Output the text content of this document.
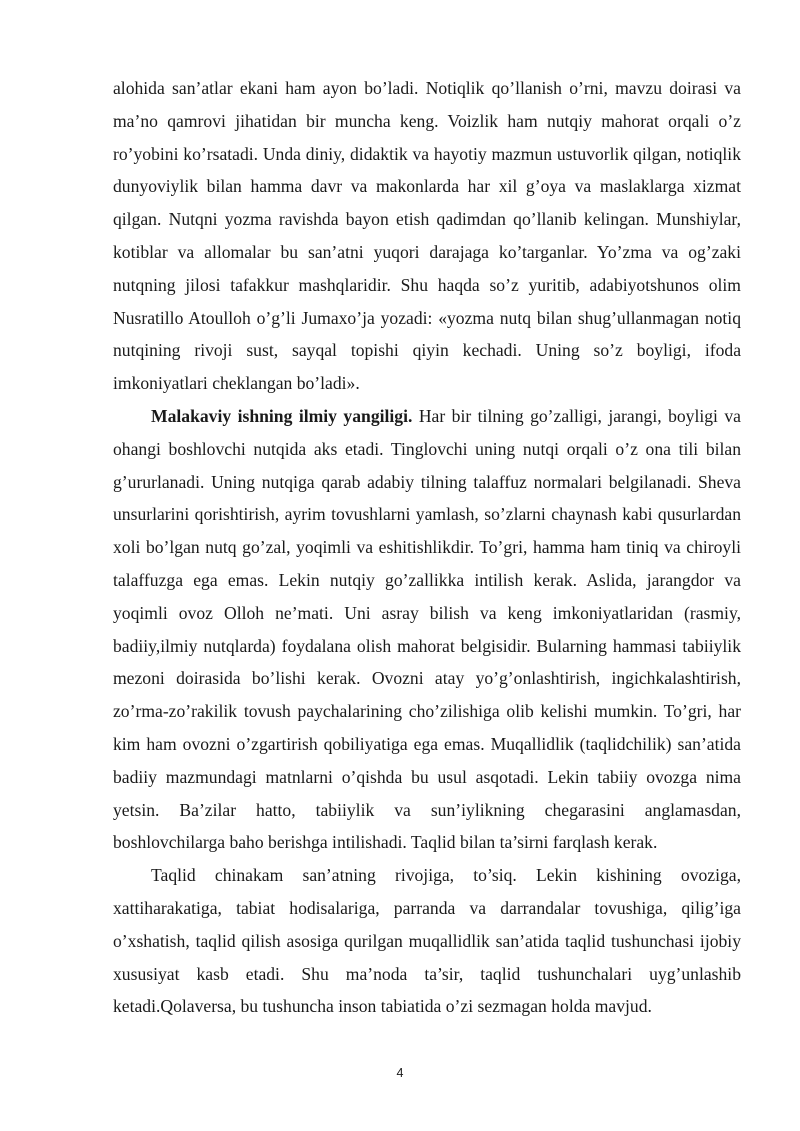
alohida san’atlar ekani ham ayon bo’ladi. Notiqlik qo’llanish o’rni, mavzu doirasi va ma’no qamrovi jihatidan bir muncha keng. Voizlik ham nutqiy mahorat orqali o’z ro’yobini ko’rsatadi. Unda diniy, didaktik va hayotiy mazmun ustuvorlik qilgan, notiqlik dunyoviylik bilan hamma davr va makonlarda har xil g’oya va maslaklarga xizmat qilgan. Nutqni yozma ravishda bayon etish qadimdan qo’llanib kelingan. Munshiylar, kotiblar va allomalar bu san’atni yuqori darajaga ko’targanlar. Yo’zma va og’zaki nutqning jilosi tafakkur mashqlaridir. Shu haqda so’z yuritib, adabiyotshunos olim Nusratillo Atoulloh o’g’li Jumaxo’ja yozadi: «yozma nutq bilan shug’ullanmagan notiq nutqining rivoji sust, sayqal topishi qiyin kechadi. Uning so’z boyligi, ifoda imkoniyatlari cheklangan bo’ladi».

Malakaviy ishning ilmiy yangiligi. Har bir tilning go’zalligi, jarangi, boyligi va ohangi boshlovchi nutqida aks etadi. Tinglovchi uning nutqi orqali o’z ona tili bilan g’ururlanadi. Uning nutqiga qarab adabiy tilning talaffuz normalari belgilanadi. Sheva unsurlarini qorishtirish, ayrim tovushlarni yamlash, so’zlarni chaynash kabi qusurlardan xoli bo’lgan nutq go’zal, yoqimli va eshitishlikdir. To’gri, hamma ham tiniq va chiroyli talaffuzga ega emas. Lekin nutqiy go’zallikka intilish kerak. Aslida, jarangdor va yoqimli ovoz Olloh ne’mati. Uni asray bilish va keng imkoniyatlaridan (rasmiy, badiiy,ilmiy nutqlarda) foydalana olish mahorat belgisidir. Bularning hammasi tabiiylik mezoni doirasida bo’lishi kerak. Ovozni atay yo’g’onlashtirish, ingichkalashtirish, zo’rma-zo’rakilik tovush paychalarining cho’zilishiga olib kelishi mumkin. To’gri, har kim ham ovozni o’zgartirish qobiliyatiga ega emas. Muqallidlik (taqlidchilik) san’atida badiiy mazmundagi matnlarni o’qishda bu usul asqotadi. Lekin tabiiy ovozga nima yetsin. Ba’zilar hatto, tabiiylik va sun’iylikning chegarasini anglamasdan, boshlovchilarga baho berishga intilishadi. Taqlid bilan ta’sirni farqlash kerak.

Taqlid chinakam san’atning rivojiga, to’siq. Lekin kishining ovoziga, xattiharakatiga, tabiat hodisalariga, parranda va darrandalar tovushiga, qilig’iga o’xshatish, taqlid qilish asosiga qurilgan muqallidlik san’atida taqlid tushunchasi ijobiy xususiyat kasb etadi. Shu ma’noda ta’sir, taqlid tushunchalari uyg’unlashib ketadi.Qolaversa, bu tushuncha inson tabiatida o’zi sezmagan holda mavjud.

4
